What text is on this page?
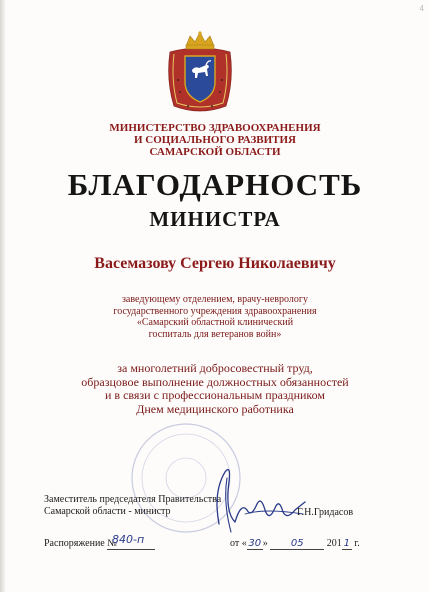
4
МИНИСТЕРСТВО ЗДРАВООХРАНЕНИЯ
И СОЦИАЛЬНОГО РАЗВИТИЯ
САМАРСКОЙ ОБЛАСТИ
БЛАГОДАРНОСТЬ
МИНИСТРА
Васемазову Сергею Николаевичу
заведующему отделением, врачу-неврологу
государственного учреждения здравоохранения
«Самарский областной клинический
госпиталь для ветеранов войн»
за многолетний добросовестный труд,
образцовое выполнение должностных обязанностей
и в связи с профессиональным праздником
Днем медицинского работника
Заместитель председателя Правительства
Самарской области - министр	Г.Н.Гридасов
Распоряжение №
840-п	от « 30 » 05 201 1 г.
